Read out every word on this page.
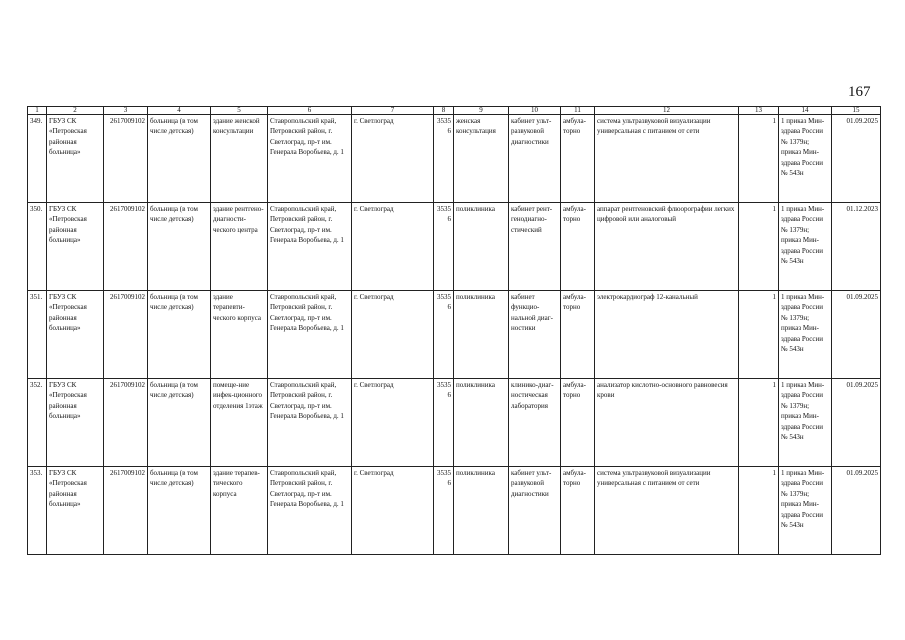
167
1	2	3	4	5	6	7	8	9	10	11	12	13	14	15
349.	ГБУЗ СК «Петровская районная больница»	2617009102	больница (в том числе детская)	здание женской консультации	Ставропольский край, Петровский район, г. Светлоград, пр-т им. Генерала Воробьева, д. 1	г. Светлоград	35356	женская консультация	кабинет ульт-развуковой диагностики	амбула-торно	система ультразвуковой визуализации универсальная с питанием от сети	1	1 приказ Мин-здрава России № 1379н; приказ Мин-здрава России № 543н	01.09.2025
350.	ГБУЗ СК «Петровская районная больница»	2617009102	больница (в том числе детская)	здание рентгено-диагности-ческого центра	Ставропольский край, Петровский район, г. Светлоград, пр-т им. Генерала Воробьева, д. 1	г. Светлоград	35356	поликлиника	кабинет рент-генодиагно-стический	амбула-торно	аппарат рентгеновский флюорографии легких цифровой или аналоговый	1	1 приказ Мин-здрава России № 1379н; приказ Мин-здрава России № 543н	01.12.2023
351.	ГБУЗ СК «Петровская районная больница»	2617009102	больница (в том числе детская)	здание терапевти-ческого корпуса	Ставропольский край, Петровский район, г. Светлоград, пр-т им. Генерала Воробьева, д. 1	г. Светлоград	35356	поликлиника	кабинет функцио-нальной диаг-ностики	амбула-торно	электрокардиограф 12-канальный	1	1 приказ Мин-здрава России № 1379н; приказ Мин-здрава России № 543н	01.09.2025
352.	ГБУЗ СК «Петровская районная больница»	2617009102	больница (в том числе детская)	помеще-ние инфек-ционного отделения 1этаж	Ставропольский край, Петровский район, г. Светлоград, пр-т им. Генерала Воробьева, д. 1	г. Светлоград	35356	поликлиника	клинико-диаг-ностическая лаборатория	амбула-торно	анализатор кислотно-основного равновесия крови	1	1 приказ Мин-здрава России № 1379н; приказ Мин-здрава России № 543н	01.09.2025
353.	ГБУЗ СК «Петровская районная больница»	2617009102	больница (в том числе детская)	здание терапев-тического корпуса	Ставропольский край, Петровский район, г. Светлоград, пр-т им. Генерала Воробьева, д. 1	г. Светлоград	35356	поликлиника	кабинет ульт-развуковой диагностики	амбула-торно	система ультразвуковой визуализации универсальная с питанием от сети	1	1 приказ Мин-здрава России № 1379н; приказ Мин-здрава России № 543н	01.09.2025
